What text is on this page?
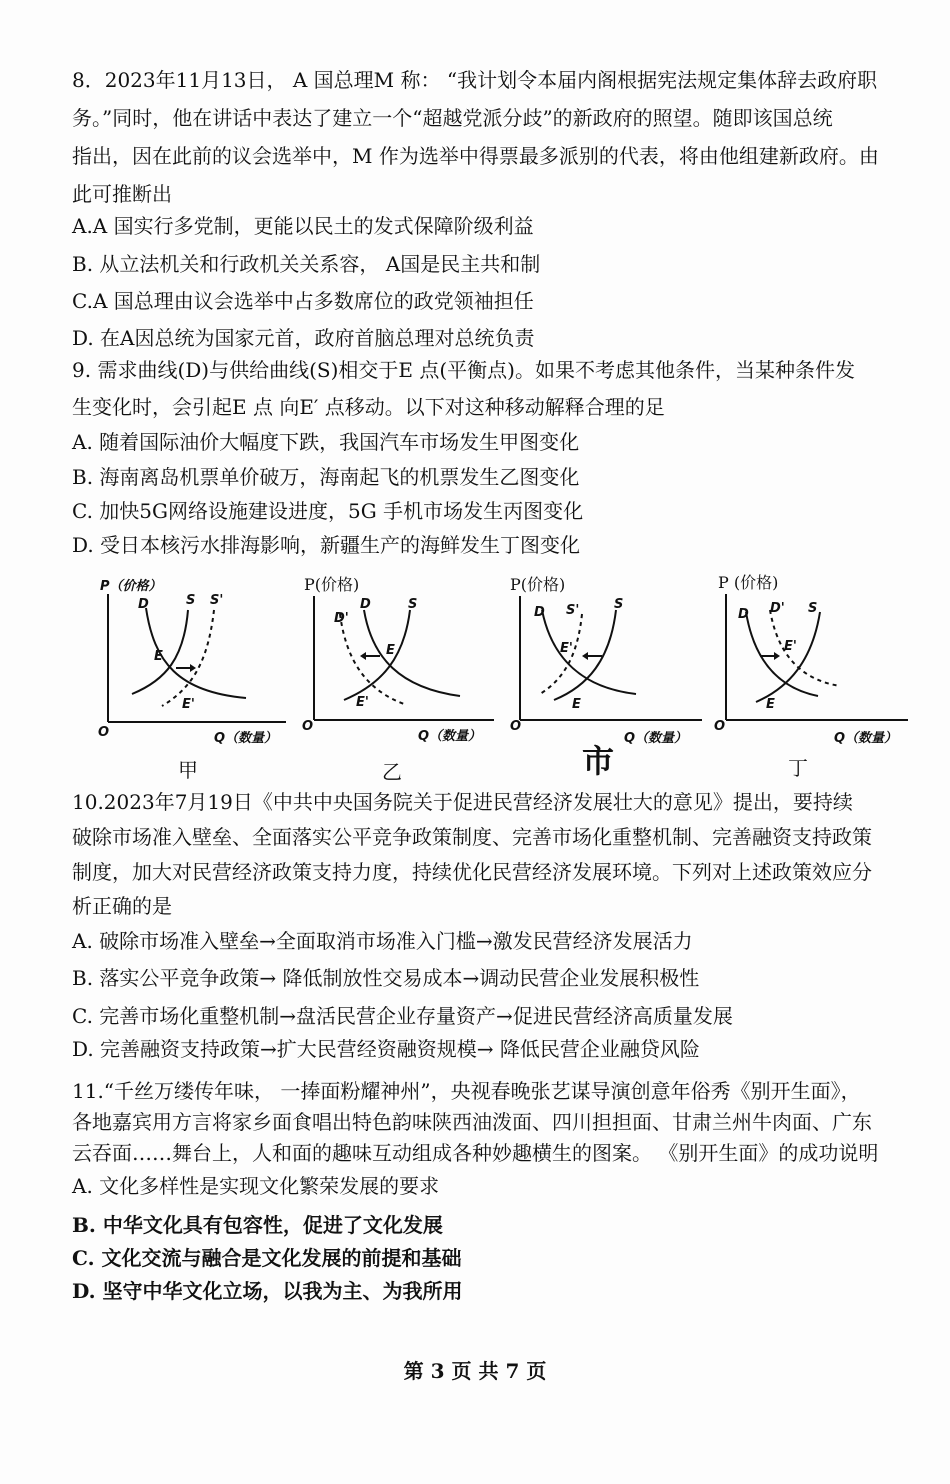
8．2023年11月13日， A 国总理M 称： “我计划令本届内阁根据宪法规定集体辞去政府职
务。”同时，他在讲话中表达了建立一个“超越党派分歧”的新政府的照望。随即该国总统
指出，因在此前的议会选举中，M 作为选举中得票最多派别的代表，将由他组建新政府。由
此可推断出
A.A 国实行多党制，更能以民土的发式保障阶级利益
B. 从立法机关和行政机关关系容， A国是民主共和制
C.A 国总理由议会选举中占多数席位的政党领袖担任
D. 在A因总统为国家元首，政府首脑总理对总统负责
9. 需求曲线(D)与供给曲线(S)相交于E 点(平衡点)。如果不考虑其他条件，当某种条件发
生变化时，会引起E 点 向E′ 点移动。以下对这种移动解释合理的足
A. 随着国际油价大幅度下跌，我国汽车市场发生甲图变化
B. 海南离岛机票单价破万，海南起飞的机票发生乙图变化
C. 加快5G网络设施建设进度，5G 手机市场发生丙图变化
D. 受日本核污水排海影响，新疆生产的海鲜发生丁图变化
P（价格）
O	Q（数量）
D	S S'
E
E'
P(价格)
O
Q（数量）
D'
D	S
E
E'
P(价格)
O
Q（数量）
D S'	S
E'
E
P (价格)
O
Q（数量）
D D' S
E'
E
甲	乙	市	丁
10.2023年7月19日《中共中央国务院关于促进民营经济发展壮大的意见》提出，要持续
破除市场准入壁垒、全面落实公平竞争政策制度、完善市场化重整机制、完善融资支持政策
制度，加大对民营经济政策支持力度，持续优化民营经济发展环境。下列对上述政策效应分
析正确的是
A. 破除市场准入壁垒→全面取消市场准入门槛→激发民营经济发展活力
B. 落实公平竞争政策→ 降低制放性交易成本→调动民营企业发展积极性
C. 完善市场化重整机制→盘活民营企业存量资产→促进民营经济高质量发展
D. 完善融资支持政策→扩大民营经资融资规模→ 降低民营企业融贷风险
11.“千丝万缕传年味， 一捧面粉耀神州”，央视春晚张艺谋导演创意年俗秀《别开生面》，
各地嘉宾用方言将家乡面食唱出特色韵味陕西油泼面、四川担担面、甘肃兰州牛肉面、广东
云吞面……舞台上，人和面的趣味互动组成各种妙趣横生的图案。 《别开生面》的成功说明
A. 文化多样性是实现文化繁荣发展的要求
B. 中华文化具有包容性，促进了文化发展
C. 文化交流与融合是文化发展的前提和基础
D. 坚守中华文化立场，以我为主、为我所用
第 3 页 共 7 页
